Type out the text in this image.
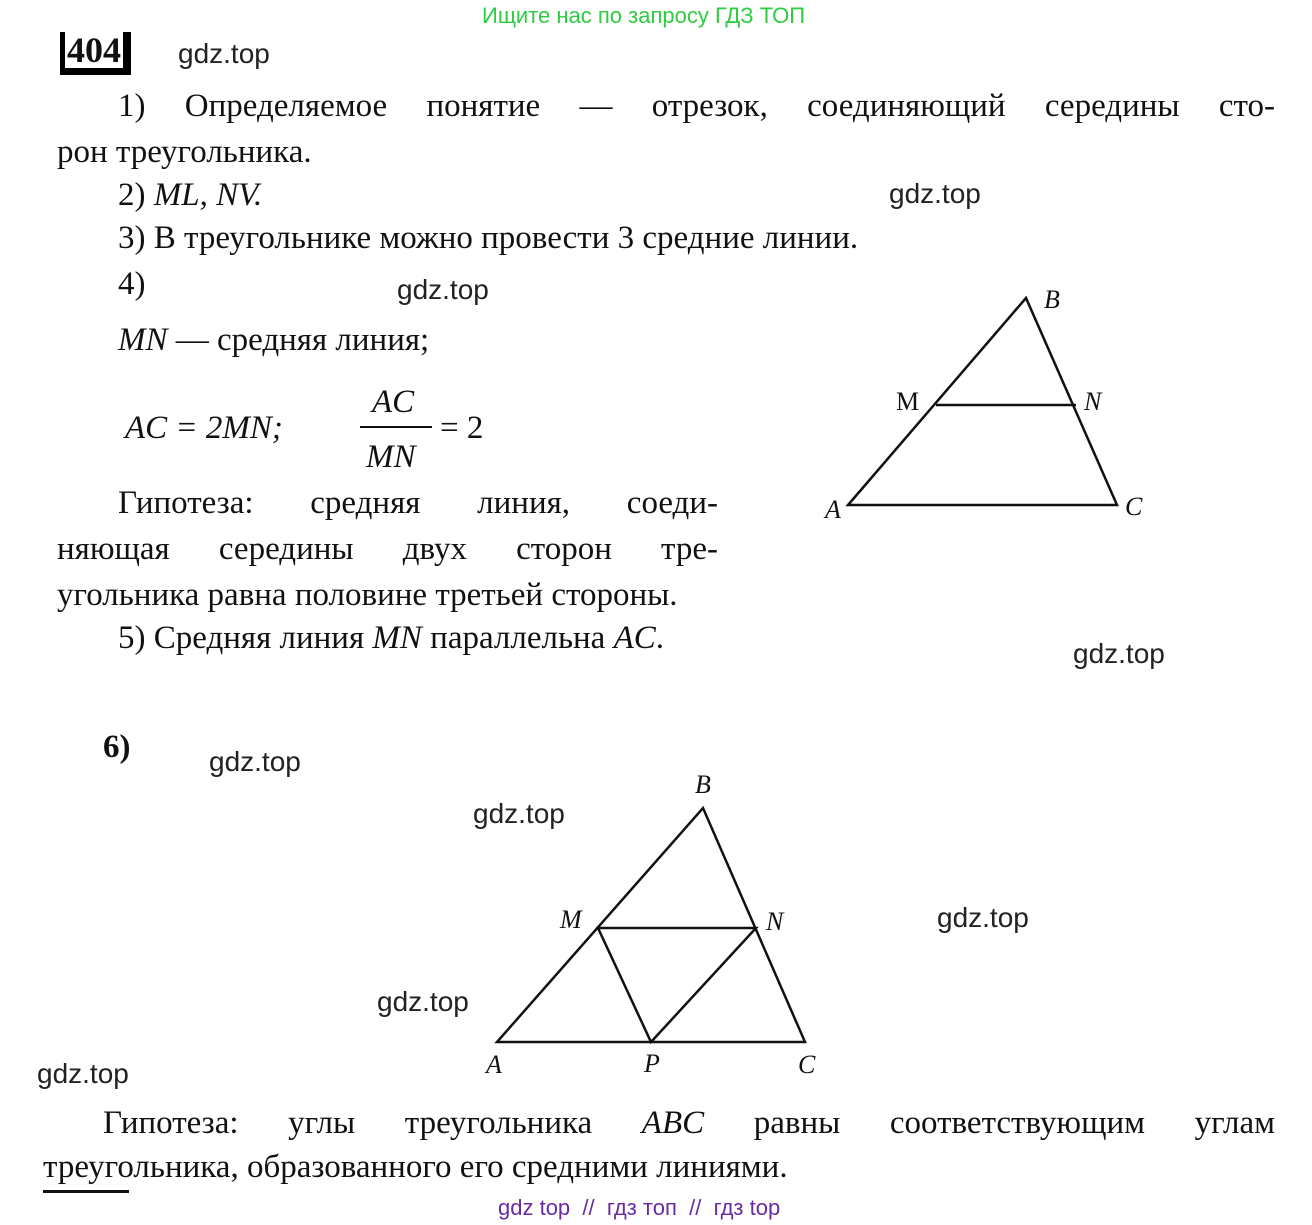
Ищите нас по запросу ГДЗ ТОП
404	gdz.top
gdz.top
gdz.top
gdz.top
gdz.top
gdz.top
gdz.top
gdz.top
gdz.top
1) Определяемое понятие — отрезок, соединяющий середины сто-
рон треугольника.
2) ML, NV.
3) В треугольнике можно провести 3 средние линии.
4)
MN — средняя линия;
AC = 2MN;
AC
MN
= 2
Гипотеза: средняя линия, соеди-
няющая середины двух сторон тре-
угольника равна половине третьей стороны.
5) Средняя линия MN параллельна AC.
6)
B
M	N
A	C
B
M	N
A	P	C
Гипотеза: углы треугольника ABC равны соответствующим углам
треугольника, образованного его средними линиями.
gdz top  //  гдз топ  //  гдз top
